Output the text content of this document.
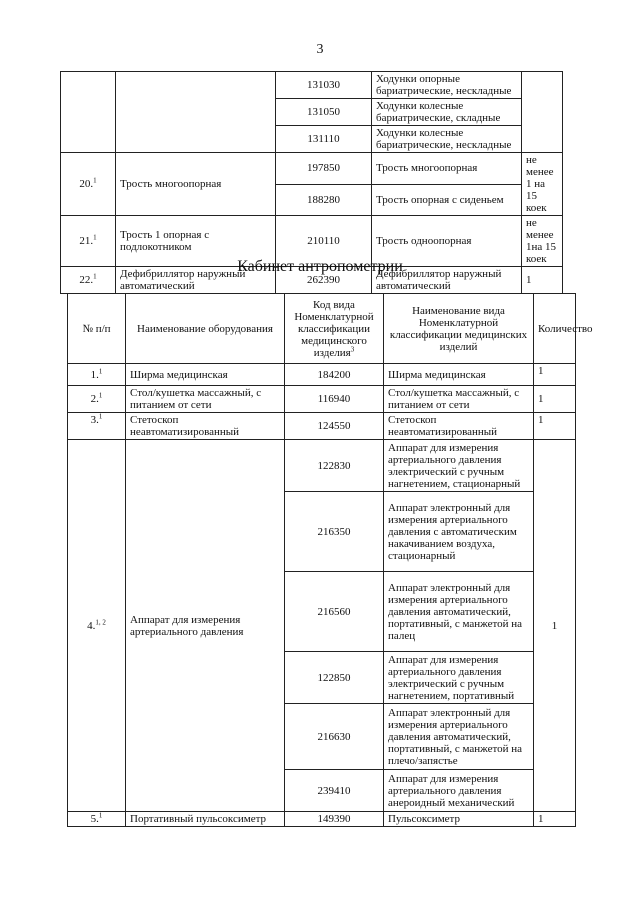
3
		131030	Ходунки опорные бариатрические, нескладные	
		131050	Ходунки колесные бариатрические, складные	
		131110	Ходунки колесные бариатрические, нескладные	
20.$^1$	Трость многоопорная	197850	Трость многоопорная	не менее 1 на 15 коек
		188280	Трость опорная с сиденьем	
21.$^1$	Трость 1 опорная с подлокотником	210110	Трость одноопорная	не менее 1на 15 коек
22.$^1$	Дефибриллятор наружный автоматический	262390	Дефибриллятор наружный автоматический	1
Кабинет антропометрии
№ п/п	Наименование оборудования	Код вида Номенклатурной классификации медицинского изделия$^3$	Наименование вида Номенклатурной классификации медицинских изделий	Количество
1.$^1$	Ширма медицинская	184200	Ширма медицинская	1
2.$^1$	Стол/кушетка массажный, с питанием от сети	116940	Стол/кушетка массажный, с питанием от сети	1
3.$^1$	Стетоскоп неавтоматизированный	124550	Стетоскоп неавтоматизированный	1
4.$^{1, 2}$	Аппарат для измерения артериального давления	122830	Аппарат для измерения артериального давления электрический с ручным нагнетением, стационарный	1
		216350	Аппарат электронный для измерения артериального давления с автоматическим накачиванием воздуха, стационарный	
		216560	Аппарат электронный для измерения артериального давления автоматический, портативный, с манжетой на палец	
		122850	Аппарат для измерения артериального давления электрический с ручным нагнетением, портативный	
		216630	Аппарат электронный для измерения артериального давления автоматический, портативный, с манжетой на плечо/запястье	
		239410	Аппарат для измерения артериального давления анероидный механический	
5.$^1$	Портативный пульсоксиметр	149390	Пульсоксиметр	1
